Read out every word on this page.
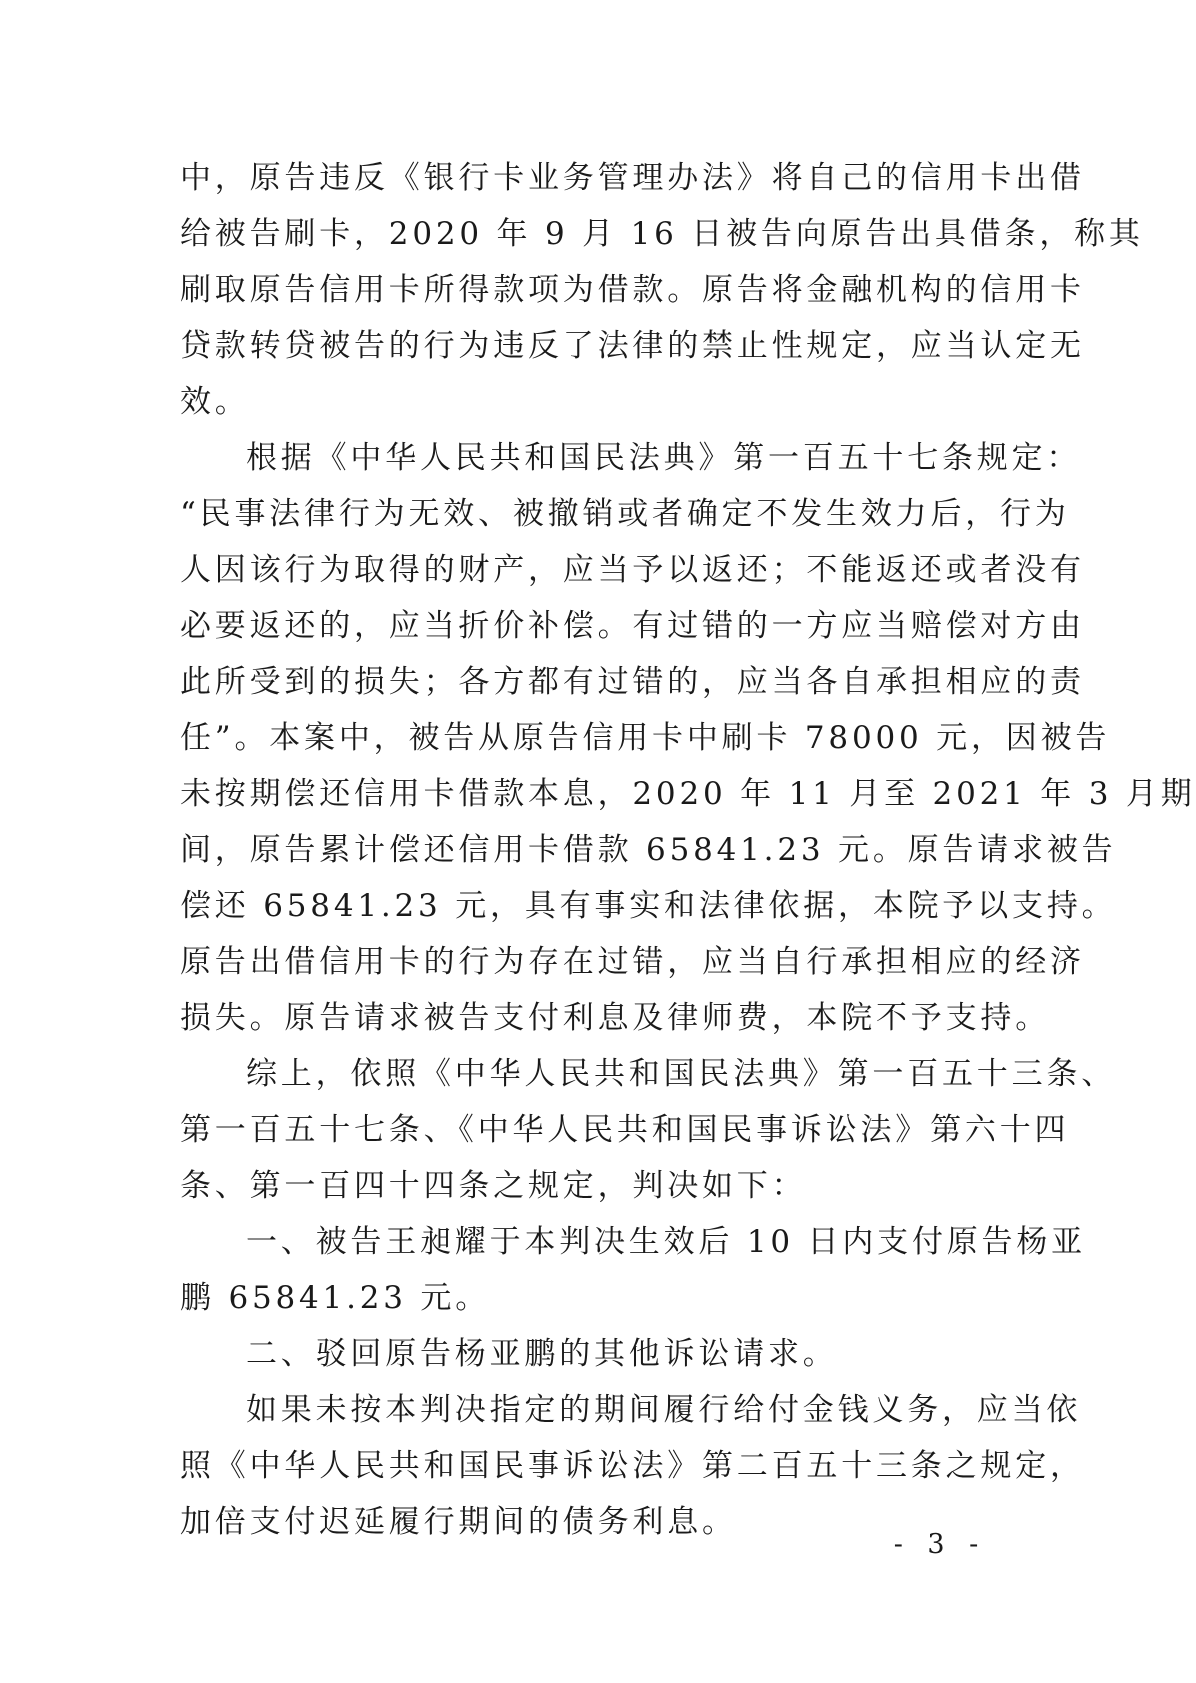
中，原告违反《银行卡业务管理办法》将自己的信用卡出借
给被告刷卡，2020 年 9 月 16 日被告向原告出具借条，称其
刷取原告信用卡所得款项为借款。原告将金融机构的信用卡
贷款转贷被告的行为违反了法律的禁止性规定，应当认定无
效。
根据《中华人民共和国民法典》第一百五十七条规定：
“民事法律行为无效、被撤销或者确定不发生效力后，行为
人因该行为取得的财产，应当予以返还；不能返还或者没有
必要返还的，应当折价补偿。有过错的一方应当赔偿对方由
此所受到的损失；各方都有过错的，应当各自承担相应的责
任”。本案中，被告从原告信用卡中刷卡 78000 元，因被告
未按期偿还信用卡借款本息，2020 年 11 月至 2021 年 3 月期
间，原告累计偿还信用卡借款 65841.23 元。原告请求被告
偿还 65841.23 元，具有事实和法律依据，本院予以支持。
原告出借信用卡的行为存在过错，应当自行承担相应的经济
损失。原告请求被告支付利息及律师费，本院不予支持。
综上，依照《中华人民共和国民法典》第一百五十三条、
第一百五十七条、《中华人民共和国民事诉讼法》第六十四
条、第一百四十四条之规定，判决如下：
一、被告王昶耀于本判决生效后 10 日内支付原告杨亚
鹏 65841.23 元。
二、驳回原告杨亚鹏的其他诉讼请求。
如果未按本判决指定的期间履行给付金钱义务，应当依
照《中华人民共和国民事诉讼法》第二百五十三条之规定，
加倍支付迟延履行期间的债务利息。
- 3 -
